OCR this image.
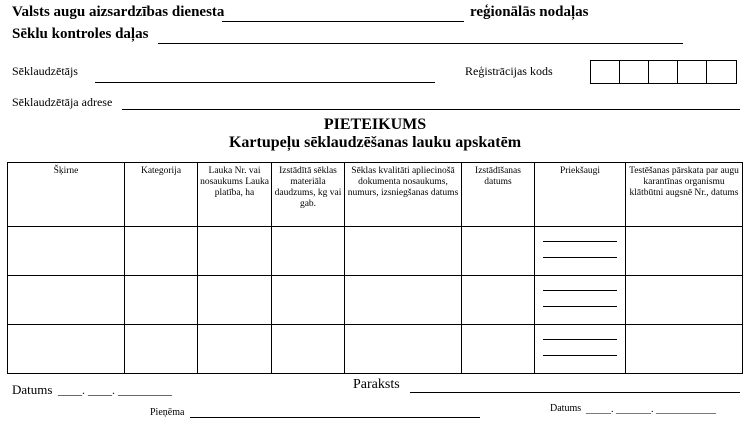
Valsts augu aizsardzības dienesta	reģionālās nodaļas
Sēklu kontroles daļas
Sēklaudzētājs	Reģistrācijas kods
Sēklaudzētāja adrese
PIETEIKUMS
Kartupeļu sēklaudzēšanas lauku apskatēm
Šķirne	Kategorija	Lauka Nr. vai nosaukums Lauka platība, ha	Izstādītā sēklas materiāla daudzums, kg vai gab.	Sēklas kvalitāti apliecinošā dokumenta nosaukums, numurs, izsniegšanas datums	Izstādīšanas datums	Priekšaugi	Testēšanas pārskata par augu karantīnas organismu klātbūtni augsnē Nr., datums

Datums ____. ____. _________	Paraksts
Pieņēma	Datums _____. _______. ____________
